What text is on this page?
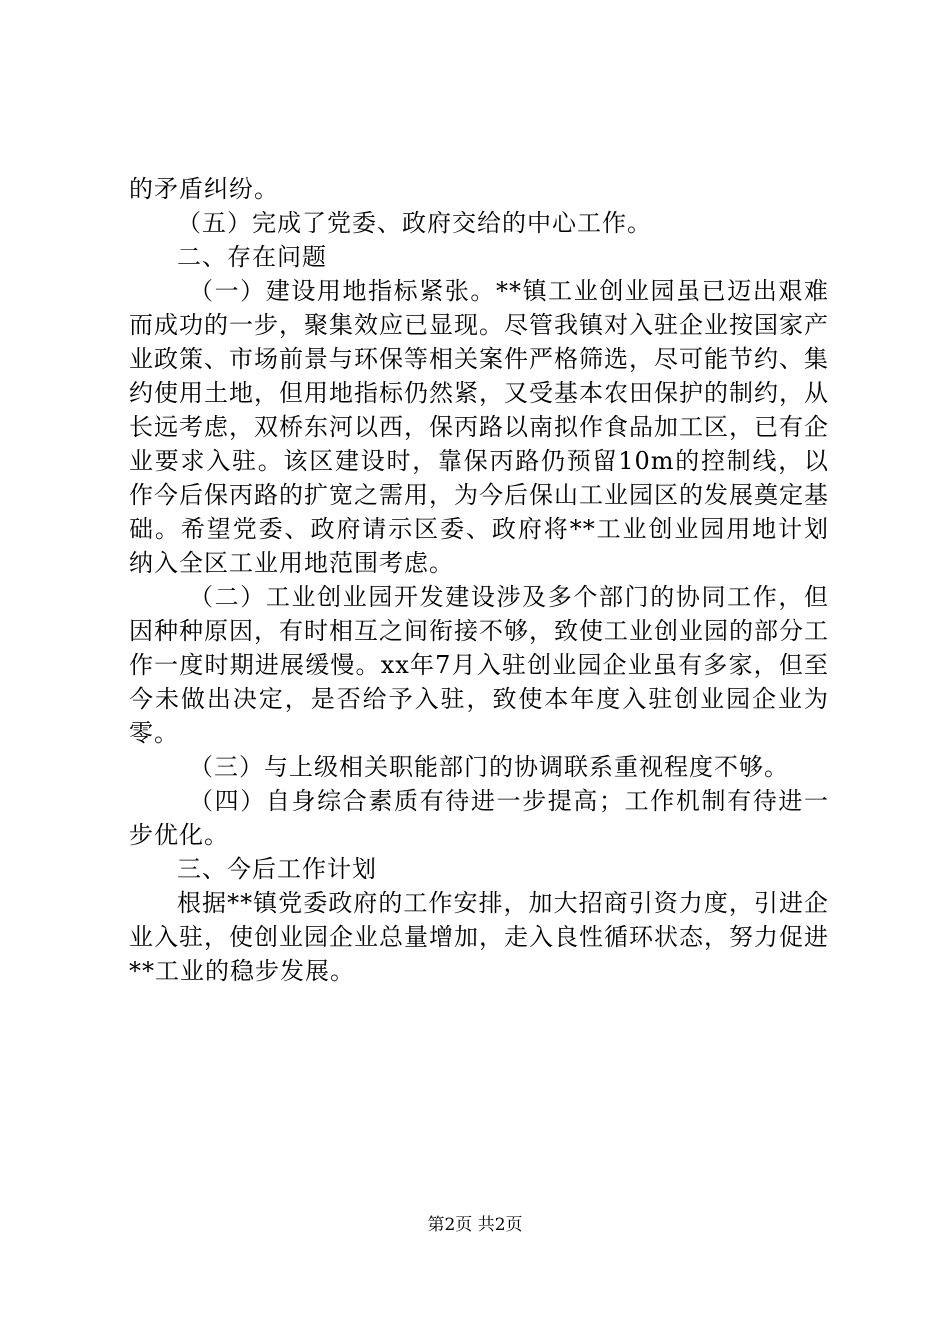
的矛盾纠纷。

（五）完成了党委、政府交给的中心工作。

二、存在问题

（一）建设用地指标紧张。**镇工业创业园虽已迈出艰难而成功的一步，聚集效应已显现。尽管我镇对入驻企业按国家产业政策、市场前景与环保等相关案件严格筛选，尽可能节约、集约使用土地，但用地指标仍然紧，又受基本农田保护的制约，从长远考虑，双桥东河以西，保丙路以南拟作食品加工区，已有企业要求入驻。该区建设时，靠保丙路仍预留10m的控制线，以作今后保丙路的扩宽之需用，为今后保山工业园区的发展奠定基础。希望党委、政府请示区委、政府将**工业创业园用地计划纳入全区工业用地范围考虑。

（二）工业创业园开发建设涉及多个部门的协同工作，但因种种原因，有时相互之间衔接不够，致使工业创业园的部分工作一度时期进展缓慢。xx年7月入驻创业园企业虽有多家，但至今未做出决定，是否给予入驻，致使本年度入驻创业园企业为零。

（三）与上级相关职能部门的协调联系重视程度不够。

（四）自身综合素质有待进一步提高；工作机制有待进一步优化。

三、今后工作计划

根据**镇党委政府的工作安排，加大招商引资力度，引进企业入驻，使创业园企业总量增加，走入良性循环状态，努力促进**工业的稳步发展。

第2页 共2页
